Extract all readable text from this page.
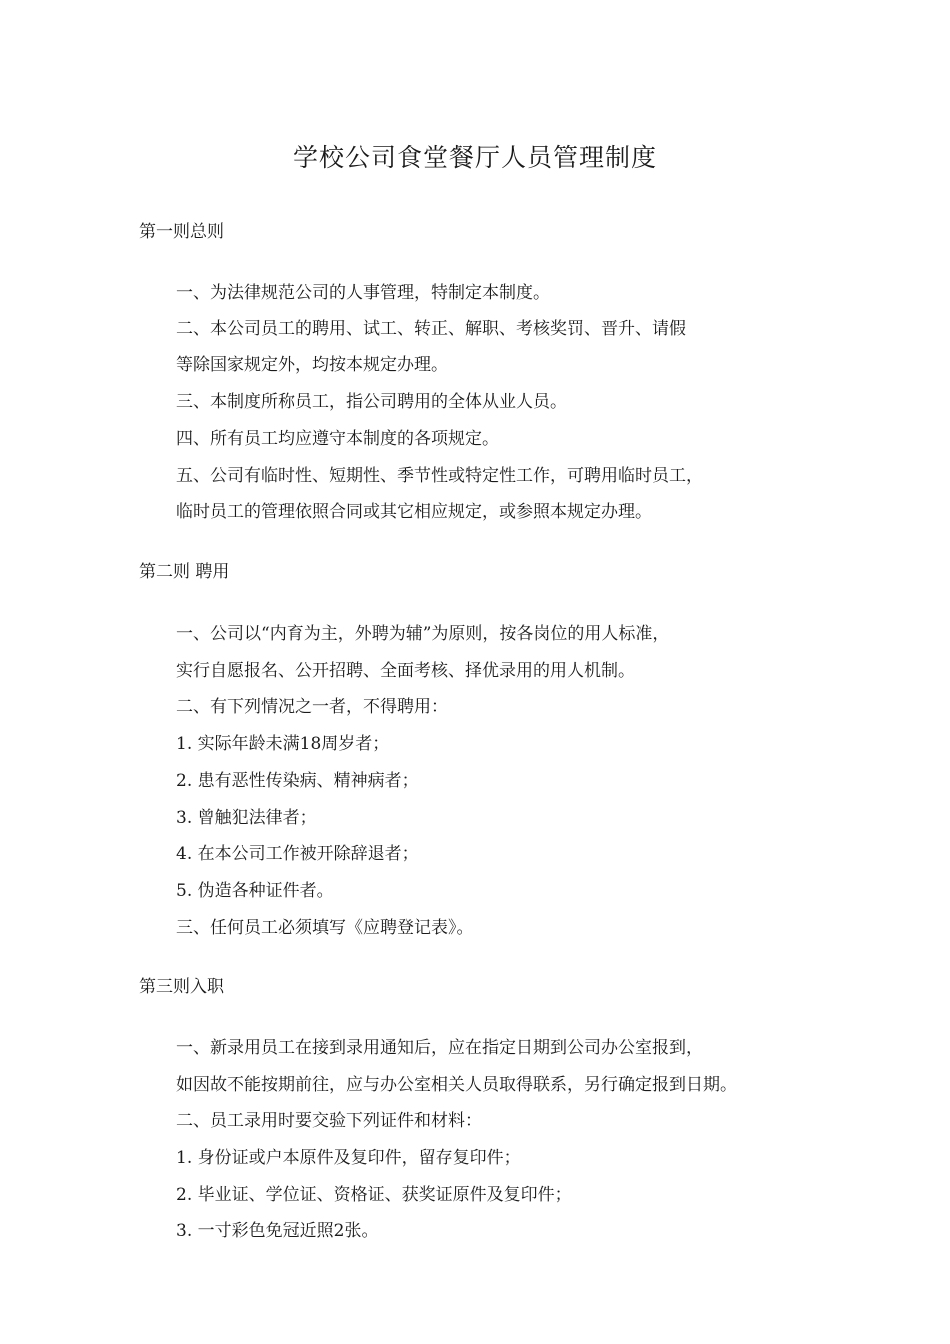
学校公司食堂餐厅人员管理制度
第一则总则
一、为法律规范公司的人事管理，特制定本制度。
二、本公司员工的聘用、试工、转正、解职、考核奖罚、晋升、请假
等除国家规定外，均按本规定办理。
三、本制度所称员工，指公司聘用的全体从业人员。
四、所有员工均应遵守本制度的各项规定。
五、公司有临时性、短期性、季节性或特定性工作，可聘用临时员工，
临时员工的管理依照合同或其它相应规定，或参照本规定办理。
第二则 聘用
一、公司以“内育为主，外聘为辅”为原则，按各岗位的用人标准，
实行自愿报名、公开招聘、全面考核、择优录用的用人机制。
二、有下列情况之一者，不得聘用：
1. 实际年龄未满18周岁者；
2. 患有恶性传染病、精神病者；
3. 曾触犯法律者；
4. 在本公司工作被开除辞退者；
5. 伪造各种证件者。
三、任何员工必须填写《应聘登记表》。
第三则入职
一、新录用员工在接到录用通知后，应在指定日期到公司办公室报到，
如因故不能按期前往，应与办公室相关人员取得联系，另行确定报到日期。
二、员工录用时要交验下列证件和材料：
1. 身份证或户本原件及复印件，留存复印件；
2. 毕业证、学位证、资格证、获奖证原件及复印件；
3. 一寸彩色免冠近照2张。
